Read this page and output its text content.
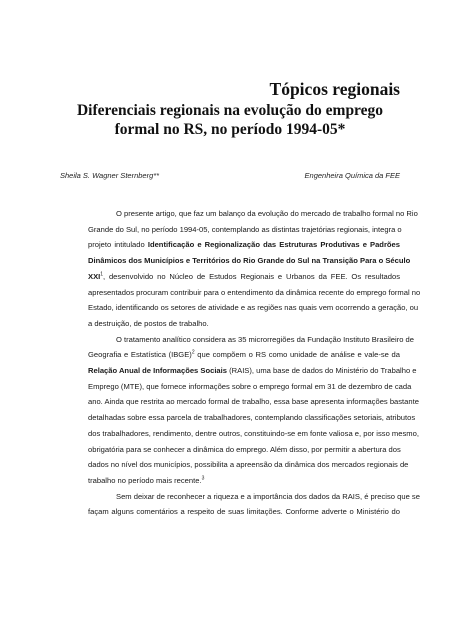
Tópicos regionais
Diferenciais regionais na evolução do emprego
formal no RS, no período 1994-05*
Sheila S. Wagner Sternberg**	Engenheira Química da FEE

O presente artigo, que faz um balanço da evolução do mercado de trabalho formal no Rio
Grande do Sul, no período 1994-05, contemplando as distintas trajetórias regionais, integra o
projeto intitulado Identificação e Regionalização das Estruturas Produtivas e Padrões
Dinâmicos dos Municípios e Territórios do Rio Grande do Sul na Transição Para o Século
XXI$^1$, desenvolvido no Núcleo de Estudos Regionais e Urbanos da FEE. Os resultados
apresentados procuram contribuir para o entendimento da dinâmica recente do emprego formal no
Estado, identificando os setores de atividade e as regiões nas quais vem ocorrendo a geração, ou
a destruição, de postos de trabalho.

O tratamento analítico considera as 35 microrregiões da Fundação Instituto Brasileiro de
Geografia e Estatística (IBGE)$^2$ que compõem o RS como unidade de análise e vale-se da
Relação Anual de Informações Sociais (RAIS), uma base de dados do Ministério do Trabalho e
Emprego (MTE), que fornece informações sobre o emprego formal em 31 de dezembro de cada
ano. Ainda que restrita ao mercado formal de trabalho, essa base apresenta informações bastante
detalhadas sobre essa parcela de trabalhadores, contemplando classificações setoriais, atributos
dos trabalhadores, rendimento, dentre outros, constituindo-se em fonte valiosa e, por isso mesmo,
obrigatória para se conhecer a dinâmica do emprego. Além disso, por permitir a abertura dos
dados no nível dos municípios, possibilita a apreensão da dinâmica dos mercados regionais de
trabalho no período mais recente.$^3$

Sem deixar de reconhecer a riqueza e a importância dos dados da RAIS, é preciso que se
façam alguns comentários a respeito de suas limitações. Conforme adverte o Ministério do
